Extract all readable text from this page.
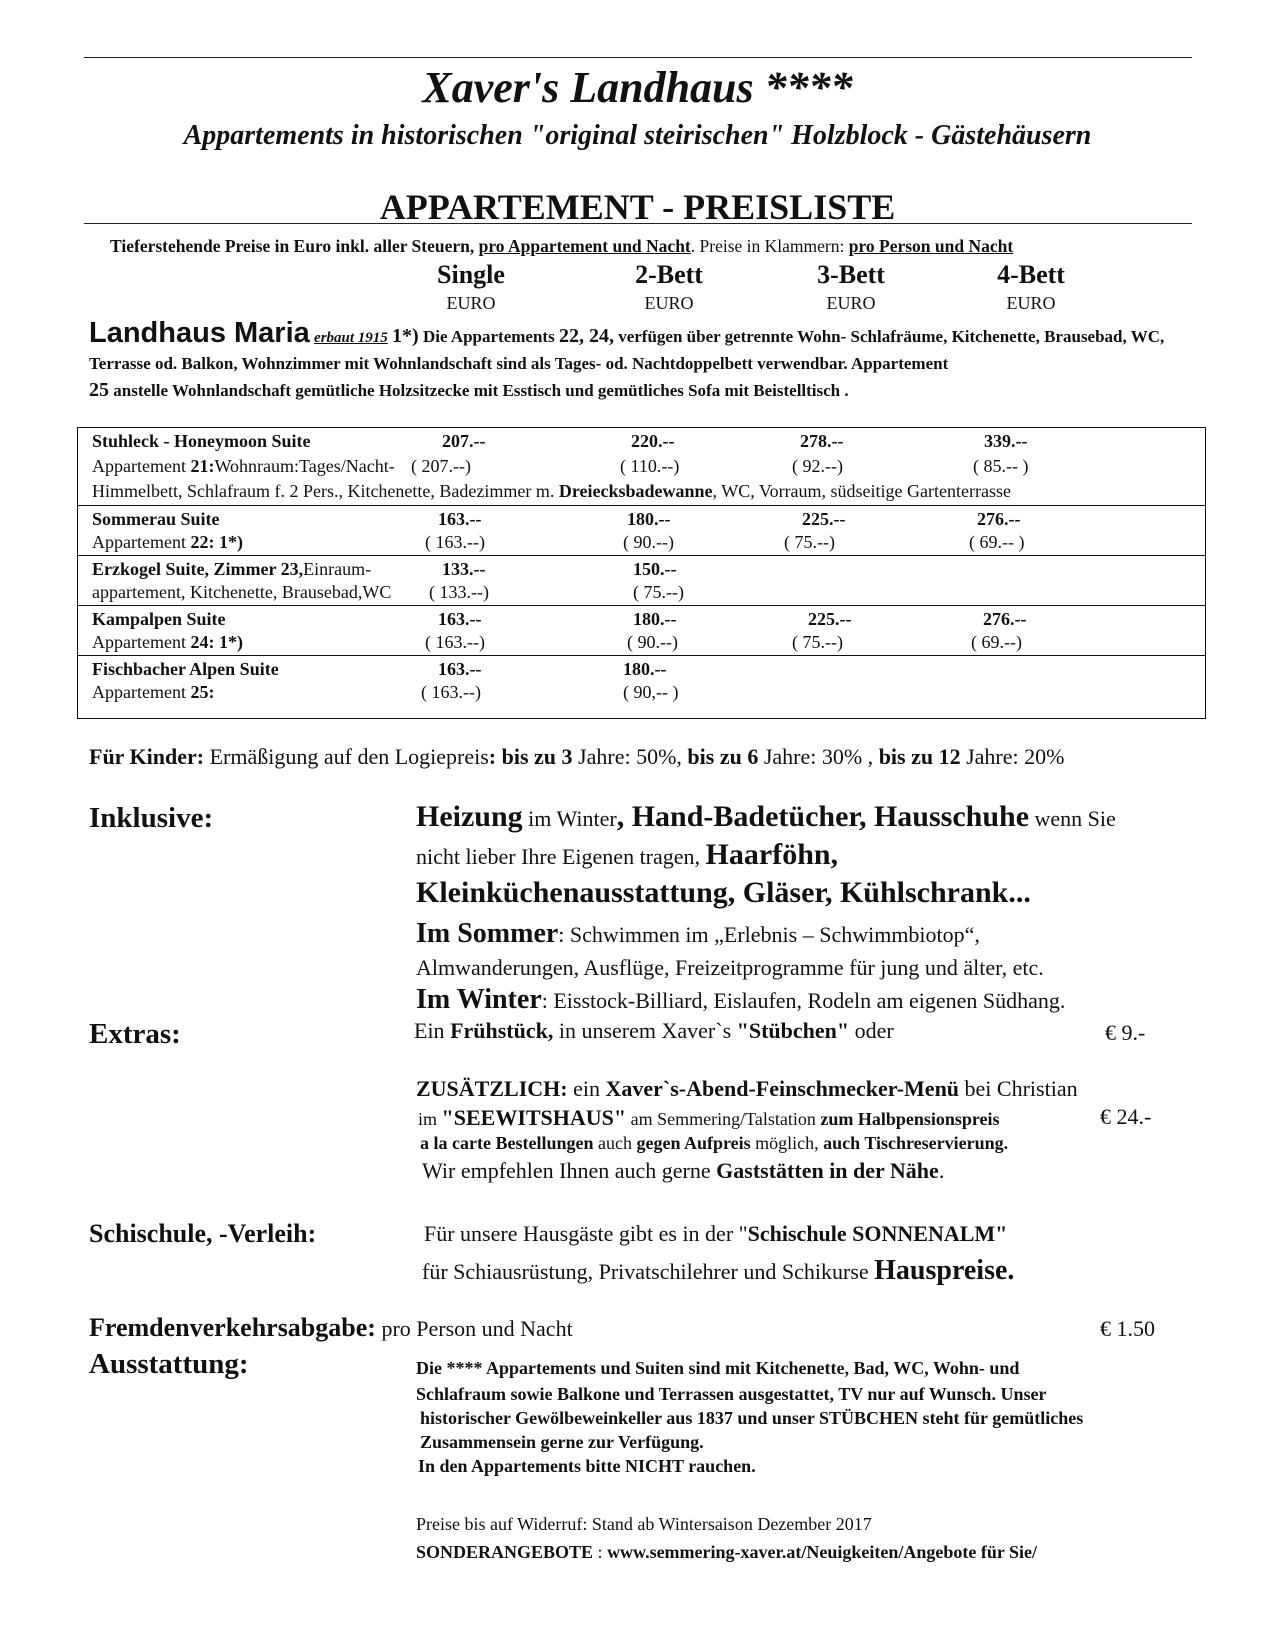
Xaver's Landhaus ****
Appartements in historischen "original steirischen" Holzblock - Gästehäusern
APPARTEMENT - PREISLISTE
Tieferstehende Preise in Euro inkl. aller Steuern, pro Appartement und Nacht. Preise in Klammern: pro Person und Nacht
Single	2-Bett	3-Bett	4-Bett
EURO	EURO	EURO	EURO
Landhaus Maria erbaut 1915 1*) Die Appartements 22, 24, verfügen über getrennte Wohn- Schlafräume, Kitchenette, Brausebad, WC, Terrasse od. Balkon, Wohnzimmer mit Wohnlandschaft sind als Tages- od. Nachtdoppelbett verwendbar. Appartement
25 anstelle Wohnlandschaft gemütliche Holzsitzecke mit Esstisch und gemütliches Sofa mit Beistelltisch .
Stuhleck - Honeymoon Suite	207.--	220.--	278.--	339.--
Appartement 21:Wohnraum:Tages/Nacht- ( 207.--)	( 110.--)	( 92.--)	( 85.-- )
Himmelbett, Schlafraum f. 2 Pers., Kitchenette, Badezimmer m. Dreiecksbadewanne, WC, Vorraum, südseitige Gartenterrasse
Sommerau Suite	163.--	180.--	225.--	276.--
Appartement 22: 1*)	( 163.--)	( 90.--)	( 75.--)	( 69.-- )
Erzkogel Suite, Zimmer 23,Einraum-	133.--	150.--
appartement, Kitchenette, Brausebad,WC ( 133.--)	( 75.--)
Kampalpen Suite	163.--	180.--	225.--	276.--
Appartement 24: 1*)	( 163.--)	( 90.--)	( 75.--)	( 69.--)
Fischbacher Alpen Suite	163.--	180.--
Appartement 25:	( 163.--)	( 90,-- )
Für Kinder: Ermäßigung auf den Logiepreis: bis zu 3 Jahre: 50%, bis zu 6 Jahre: 30% , bis zu 12 Jahre: 20%
Inklusive:	Heizung im Winter, Hand-Badetücher, Hausschuhe wenn Sie
nicht lieber Ihre Eigenen tragen, Haarföhn,
Kleinküchenausstattung, Gläser, Kühlschrank...
Im Sommer: Schwimmen im „Erlebnis – Schwimmbiotop“,
Almwanderungen, Ausflüge, Freizeitprogramme für jung und älter, etc.
Im Winter: Eisstock-Billiard, Eislaufen, Rodeln am eigenen Südhang.
Extras:	Ein Frühstück, in unserem Xaver`s "Stübchen" oder	€ 9.-
ZUSÄTZLICH: ein Xaver`s-Abend-Feinschmecker-Menü bei Christian
im "SEEWITSHAUS" am Semmering/Talstation zum Halbpensionspreis	€ 24.-
a la carte Bestellungen auch gegen Aufpreis möglich, auch Tischreservierung.
Wir empfehlen Ihnen auch gerne Gaststätten in der Nähe.
Schischule, -Verleih:	Für unsere Hausgäste gibt es in der "Schischule SONNENALM"
für Schiausrüstung, Privatschilehrer und Schikurse Hauspreise.
Fremdenverkehrsabgabe: pro Person und Nacht	€ 1.50
Ausstattung:	Die **** Appartements und Suiten sind mit Kitchenette, Bad, WC, Wohn- und
Schlafraum sowie Balkone und Terrassen ausgestattet, TV nur auf Wunsch. Unser
historischer Gewölbeweinkeller aus 1837 und unser STÜBCHEN steht für gemütliches
Zusammensein gerne zur Verfügung.
In den Appartements bitte NICHT rauchen.
Preise bis auf Widerruf: Stand ab Wintersaison Dezember 2017
SONDERANGEBOTE : www.semmering-xaver.at/Neuigkeiten/Angebote für Sie/
